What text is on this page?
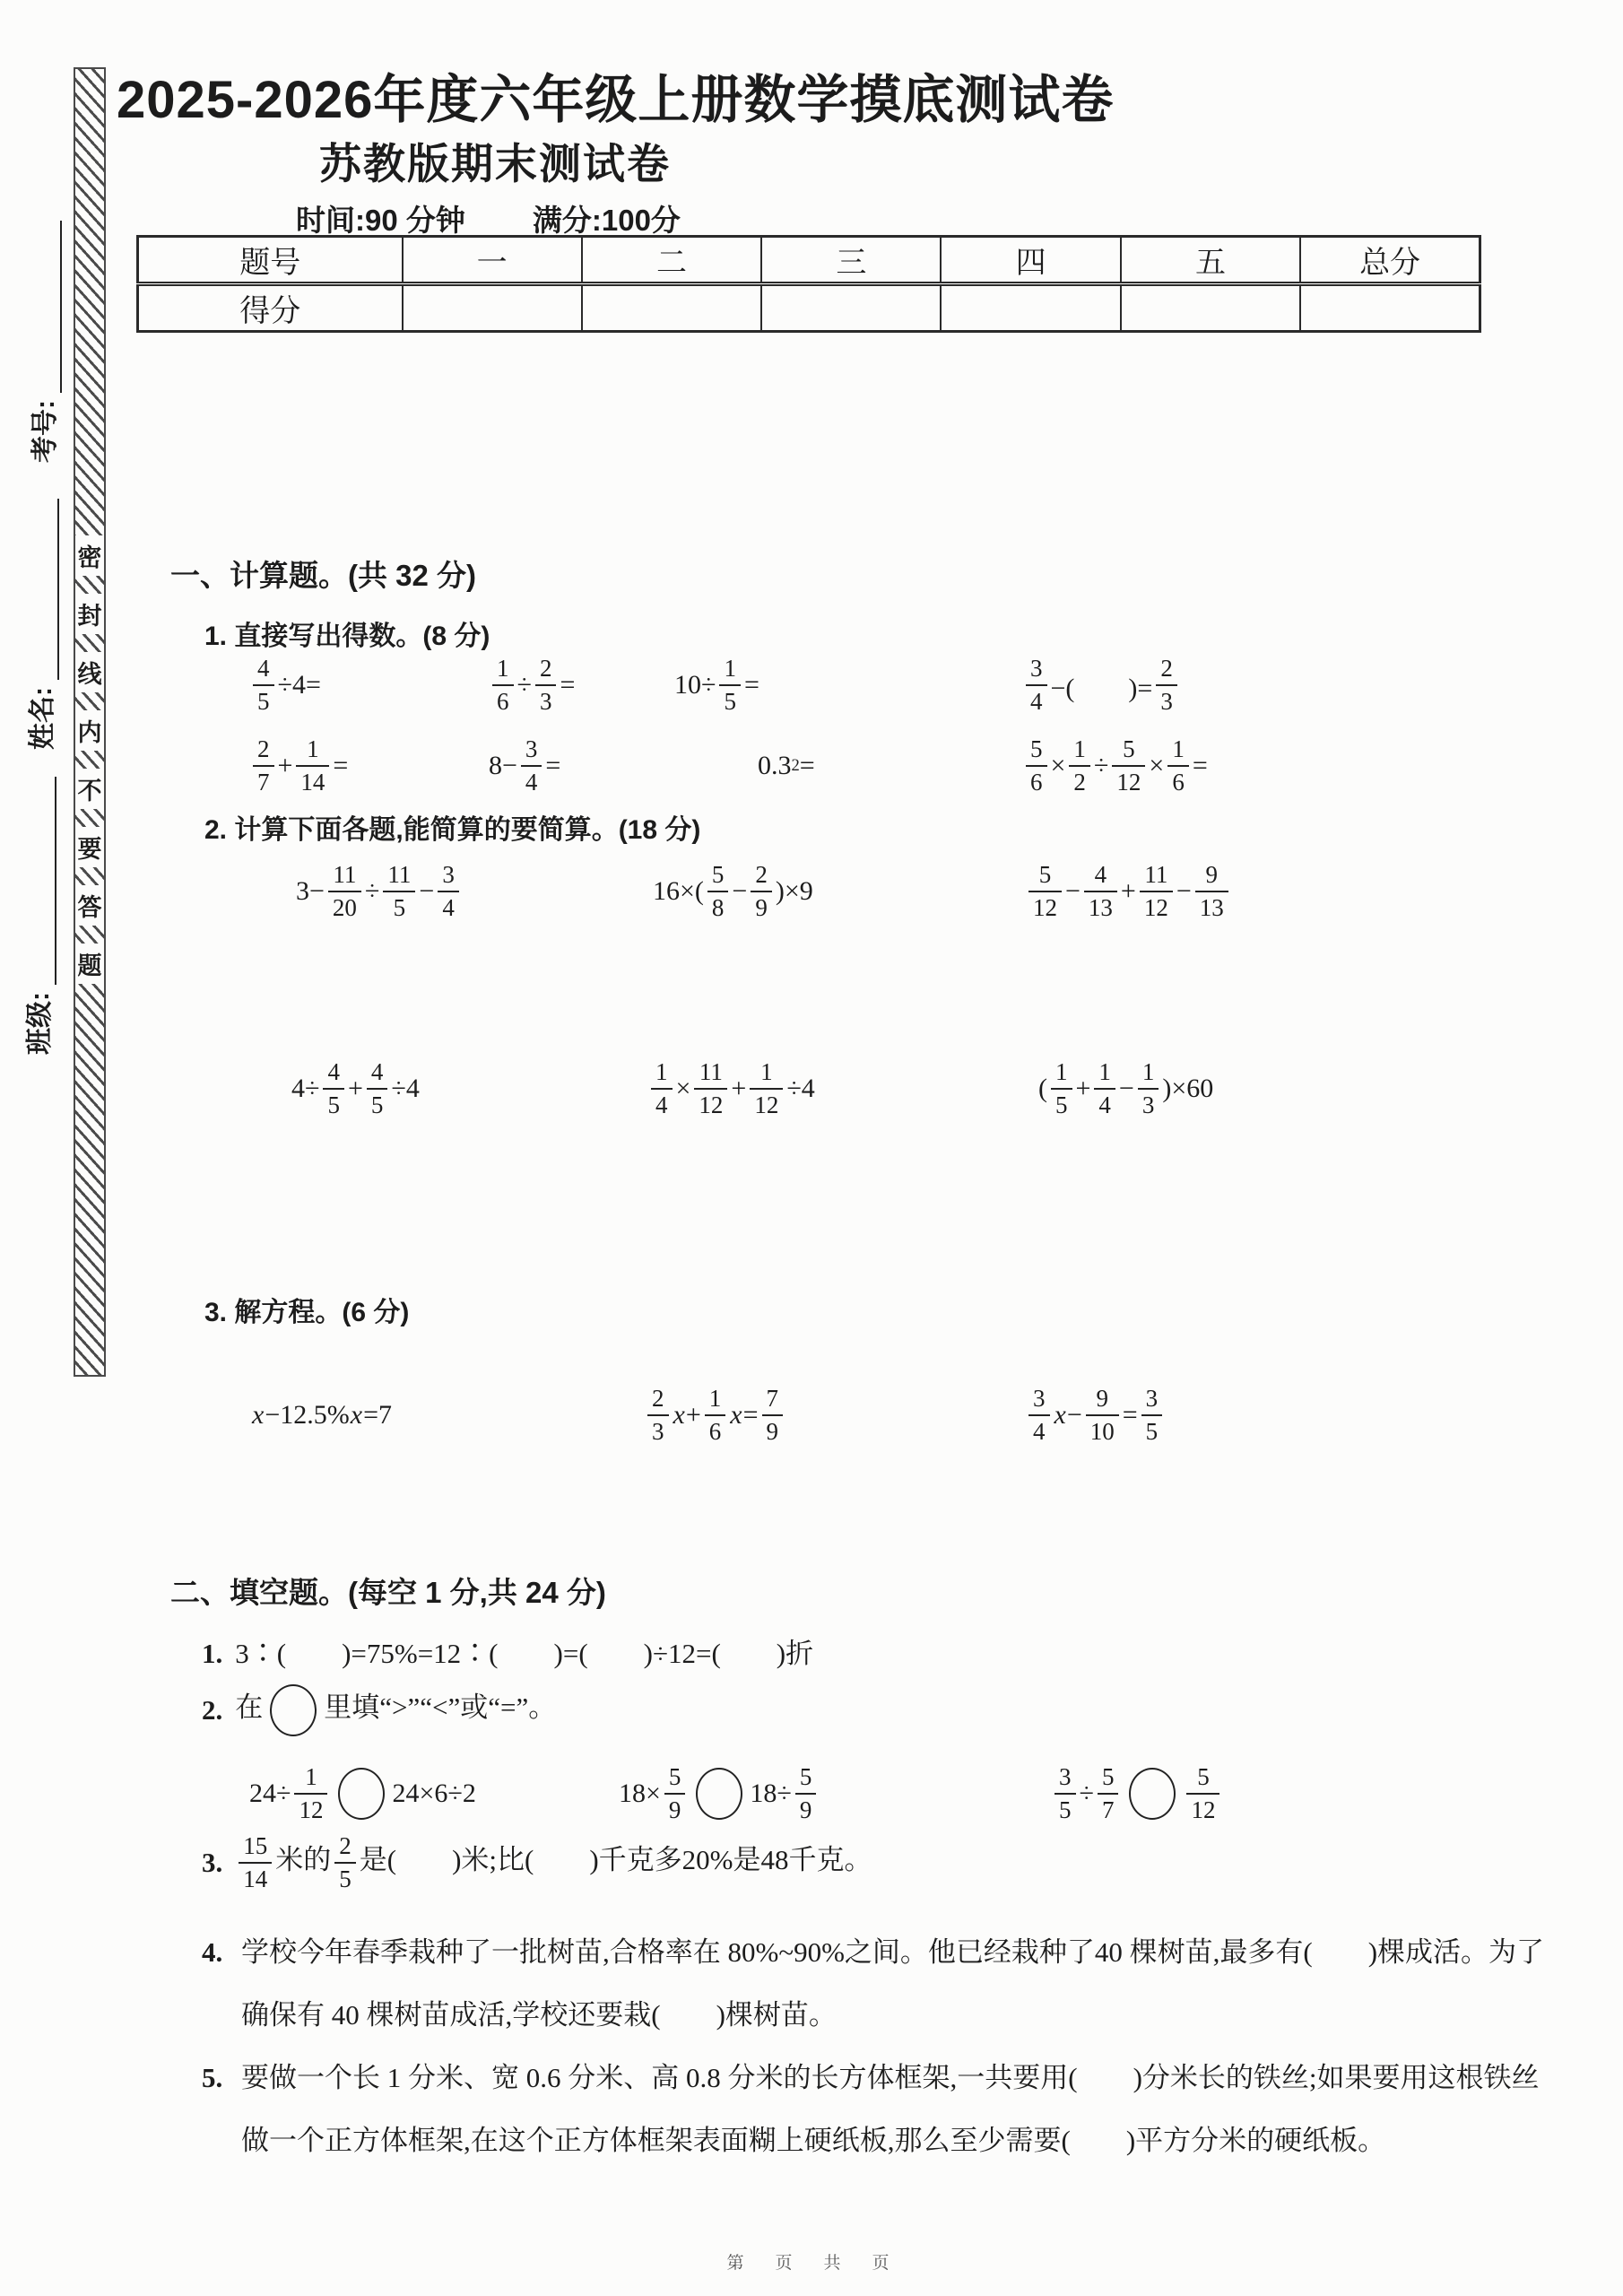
密
封
线
内
不
要
答
题
考号:
姓名:
班级:
2025-2026年度六年级上册数学摸底测试卷
苏教版期末测试卷
时间:90 分钟 满分:100分
题号	一	二	三	四	五	总分
得分						
一、计算题。(共 32 分)
1. 直接写出得数。(8 分)
$\frac{4}{5} \div 4=$	$\frac{1}{6} \div \frac{2}{3}$ =	$10\div \frac{1}{5}$ =	$\frac{3}{4}$ −(　　)= $\frac{2}{3}$
$\frac{2}{7} + \frac{1}{14}$ =	$8- \frac{3}{4}$ =	0.3 2 =	$\frac{5}{6} \times \frac{1}{2} \div \frac{5}{12} \times \frac{1}{6}$ =
2. 计算下面各题,能简算的要简算。(18 分)
$3- \frac{11}{20} \div \frac{11}{5} - \frac{3}{4}$	$16\times( \frac{5}{8} - \frac{2}{9} )\times 9$	$\frac{5}{12} - \frac{4}{13} + \frac{11}{12} - \frac{9}{13}$
$4\div \frac{4}{5} + \frac{4}{5} \div 4$	$\frac{1}{4} \times \frac{11}{12} + \frac{1}{12} \div 4$	( $\frac{1}{5} + \frac{1}{4} - \frac{1}{3} )\times 60$
3. 解方程。(6 分)
x −12.5% x =7	$\frac{2}{3}$ $x + \frac{1}{6}$ $x = \frac{7}{9}$	$\frac{3}{4}$ $x - \frac{9}{10} = \frac{3}{5}$
二、填空题。(每空 1 分,共 24 分)
1. 3∶(　　)=75%=12∶(　　)=(　　)÷12=(　　)折
2. 在 里填“>”“<”或“=”。
$24\div \frac{1}{12} 24\times 6\div 2$	$18\times \frac{5}{9} 18\div \frac{5}{9}$	$\frac{3}{5} \div \frac{5}{7}$	$\frac{5}{12}$
3. $\frac{15}{14}$ 米的 $\frac{2}{5}$ 是(　　)米;比(　　)千克多20%是48千克。
4. 学校今年春季栽种了一批树苗,合格率在 80%~90%之间。他已经栽种了40 棵树苗,最多有(　　)棵成活。为了确保有 40 棵树苗成活,学校还要栽(　　)棵树苗。
5. 要做一个长 1 分米、宽 0.6 分米、高 0.8 分米的长方体框架,一共要用(　　)分米长的铁丝;如果要用这根铁丝做一个正方体框架,在这个正方体框架表面糊上硬纸板,那么至少需要(　　)平方分米的硬纸板。
第　页　共　页
